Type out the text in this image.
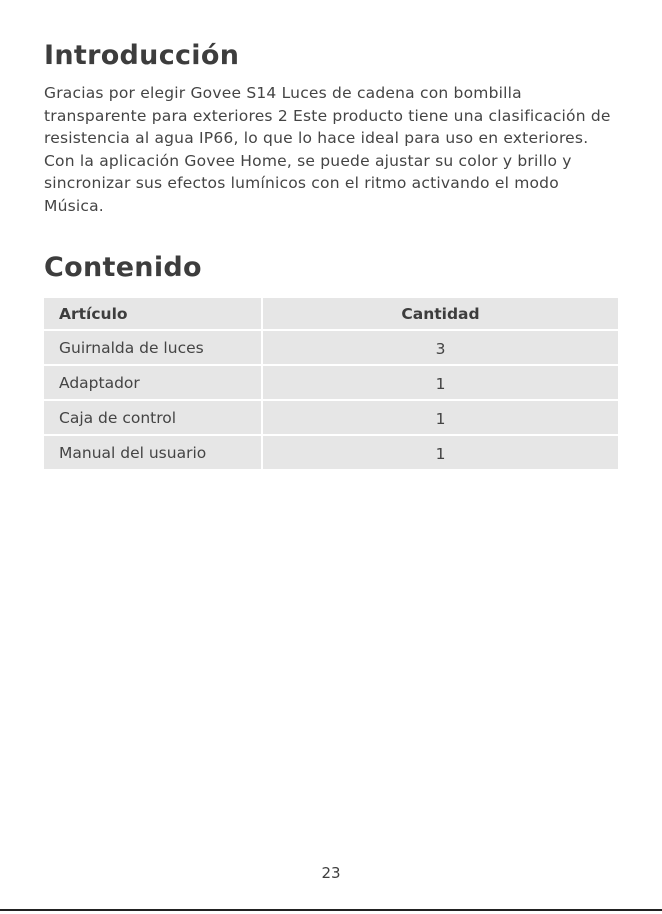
Introducción

Gracias por elegir Govee S14 Luces de cadena con bombilla transparente para exteriores 2 Este producto tiene una clasificación de resistencia al agua IP66, lo que lo hace ideal para uso en exteriores. Con la aplicación Govee Home, se puede ajustar su color y brillo y sincronizar sus efectos lumínicos con el ritmo activando el modo Música.

Contenido
Artículo	Cantidad
Guirnalda de luces	3
Adaptador	1
Caja de control	1
Manual del usuario	1
23
